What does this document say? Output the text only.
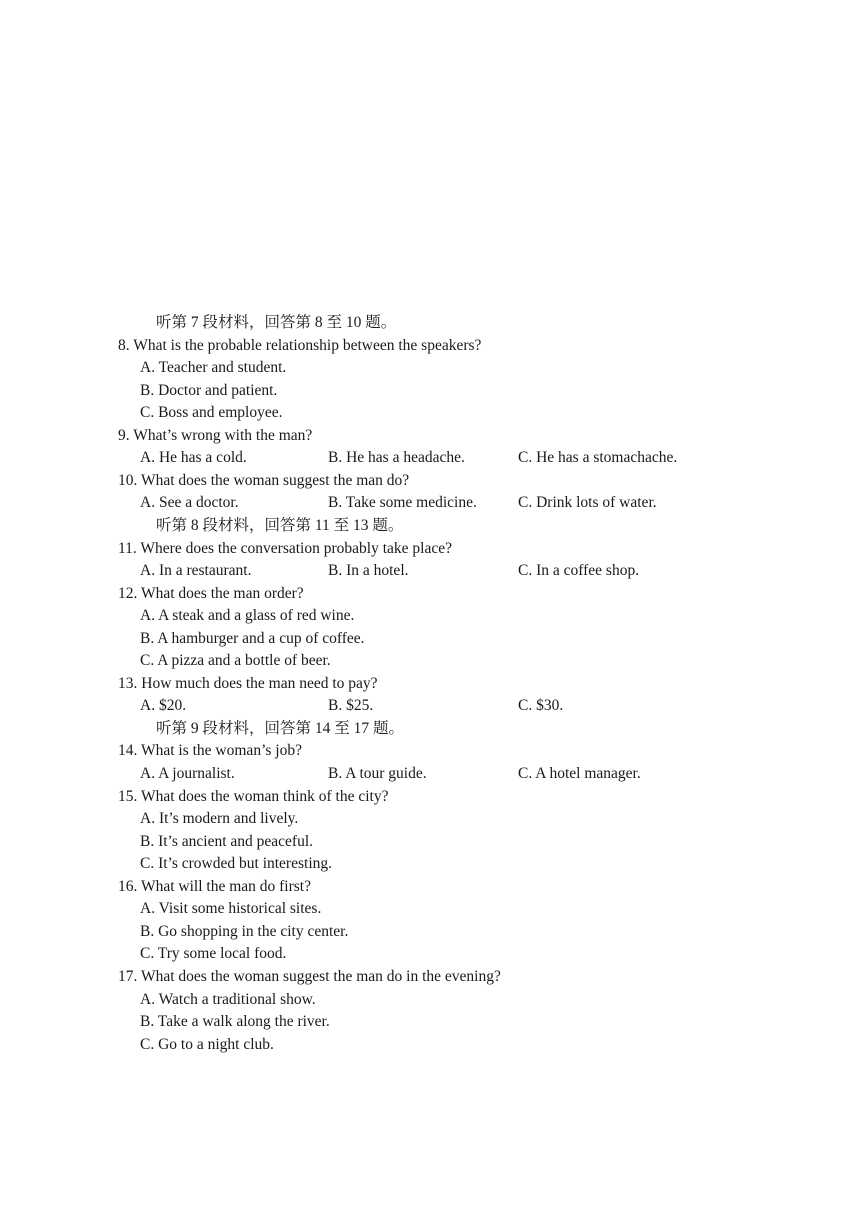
听第 7 段材料，回答第 8 至 10 题。
8. What is the probable relationship between the speakers?
A. Teacher and student.
B. Doctor and patient.
C. Boss and employee.
9. What’s wrong with the man?
A. He has a cold.	B. He has a headache.	C. He has a stomachache.
10. What does the woman suggest the man do?
A. See a doctor.	B. Take some medicine.	C. Drink lots of water.
听第 8 段材料，回答第 11 至 13 题。
11. Where does the conversation probably take place?
A. In a restaurant.	B. In a hotel.	C. In a coffee shop.
12. What does the man order?
A. A steak and a glass of red wine.
B. A hamburger and a cup of coffee.
C. A pizza and a bottle of beer.
13. How much does the man need to pay?
A. $20.	B. $25.	C. $30.
听第 9 段材料，回答第 14 至 17 题。
14. What is the woman’s job?
A. A journalist.	B. A tour guide.	C. A hotel manager.
15. What does the woman think of the city?
A. It’s modern and lively.
B. It’s ancient and peaceful.
C. It’s crowded but interesting.
16. What will the man do first?
A. Visit some historical sites.
B. Go shopping in the city center.
C. Try some local food.
17. What does the woman suggest the man do in the evening?
A. Watch a traditional show.
B. Take a walk along the river.
C. Go to a night club.
